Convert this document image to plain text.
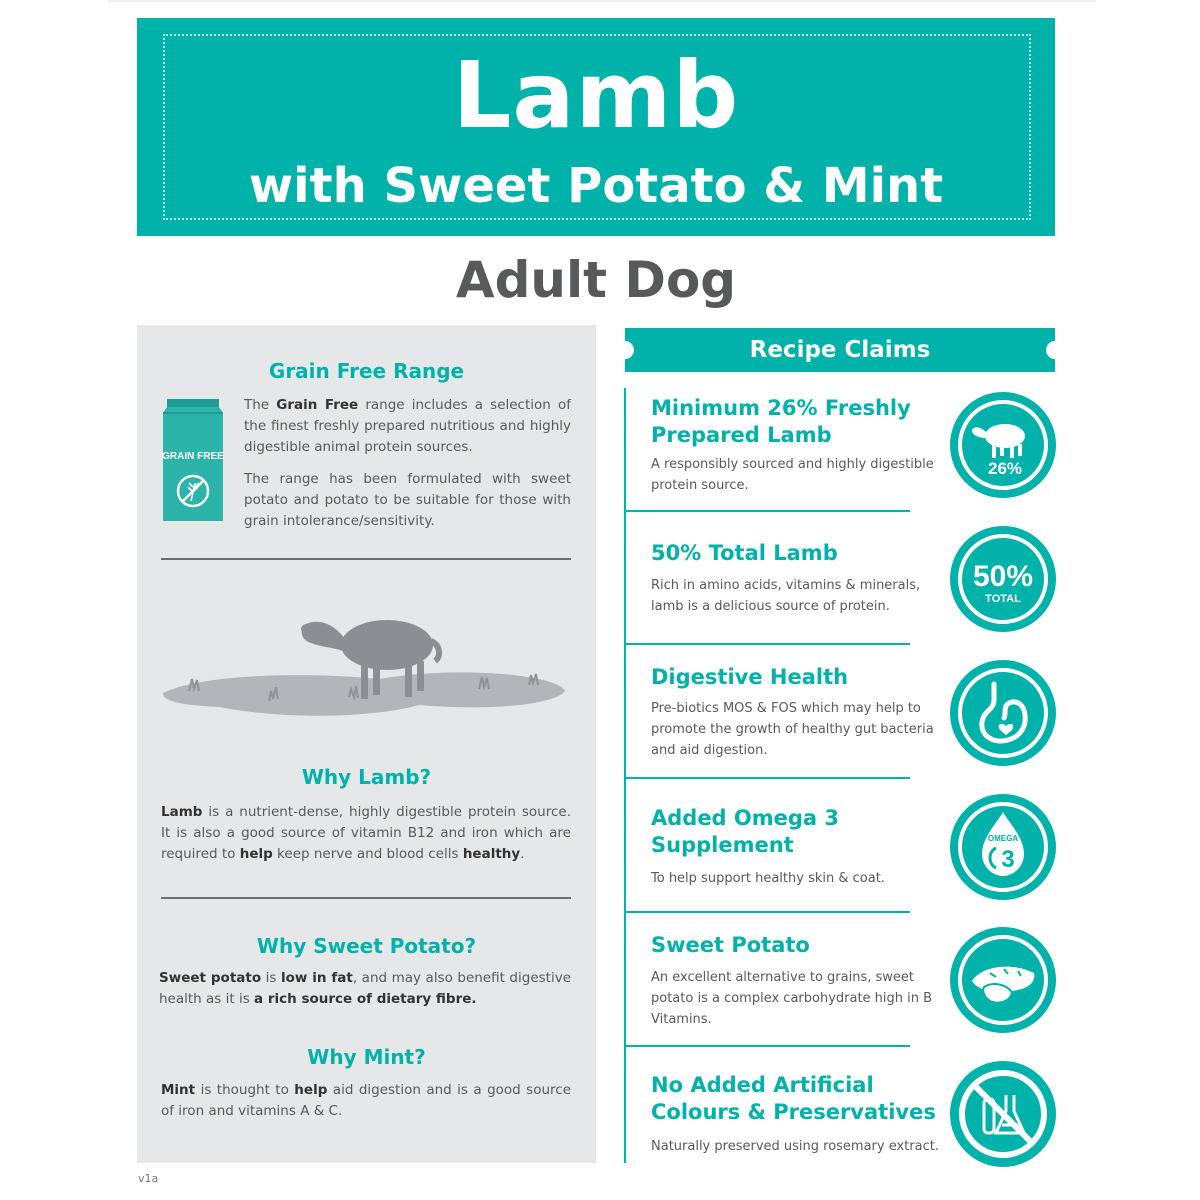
Lamb
with Sweet Potato & Mint
Adult Dog
Grain Free Range
GRAIN FREE
The Grain Free range includes a selection of the finest freshly prepared nutritious and highly digestible animal protein sources.
The range has been formulated with sweet potato and potato to be suitable for those with grain intolerance/sensitivity.
Why Lamb?
Lamb is a nutrient-dense, highly digestible protein source. It is also a good source of vitamin B12 and iron which are required to help keep nerve and blood cells healthy.
Why Sweet Potato?
Sweet potato is low in fat, and may also benefit digestive health as it is a rich source of dietary fibre.
Why Mint?
Mint is thought to help aid digestion and is a good source of iron and vitamins A & C.
Recipe Claims
Minimum 26% Freshly Prepared Lamb
A responsibly sourced and highly digestible protein source.
26%
50% Total Lamb
Rich in amino acids, vitamins & minerals, lamb is a delicious source of protein.
50%
TOTAL
Digestive Health
Pre-biotics MOS & FOS which may help to promote the growth of healthy gut bacteria and aid digestion.
Added Omega 3 Supplement
To help support healthy skin & coat.
OMEGA
3
Sweet Potato
An excellent alternative to grains, sweet potato is a complex carbohydrate high in B Vitamins.
No Added Artificial Colours & Preservatives
Naturally preserved using rosemary extract.
v1a
